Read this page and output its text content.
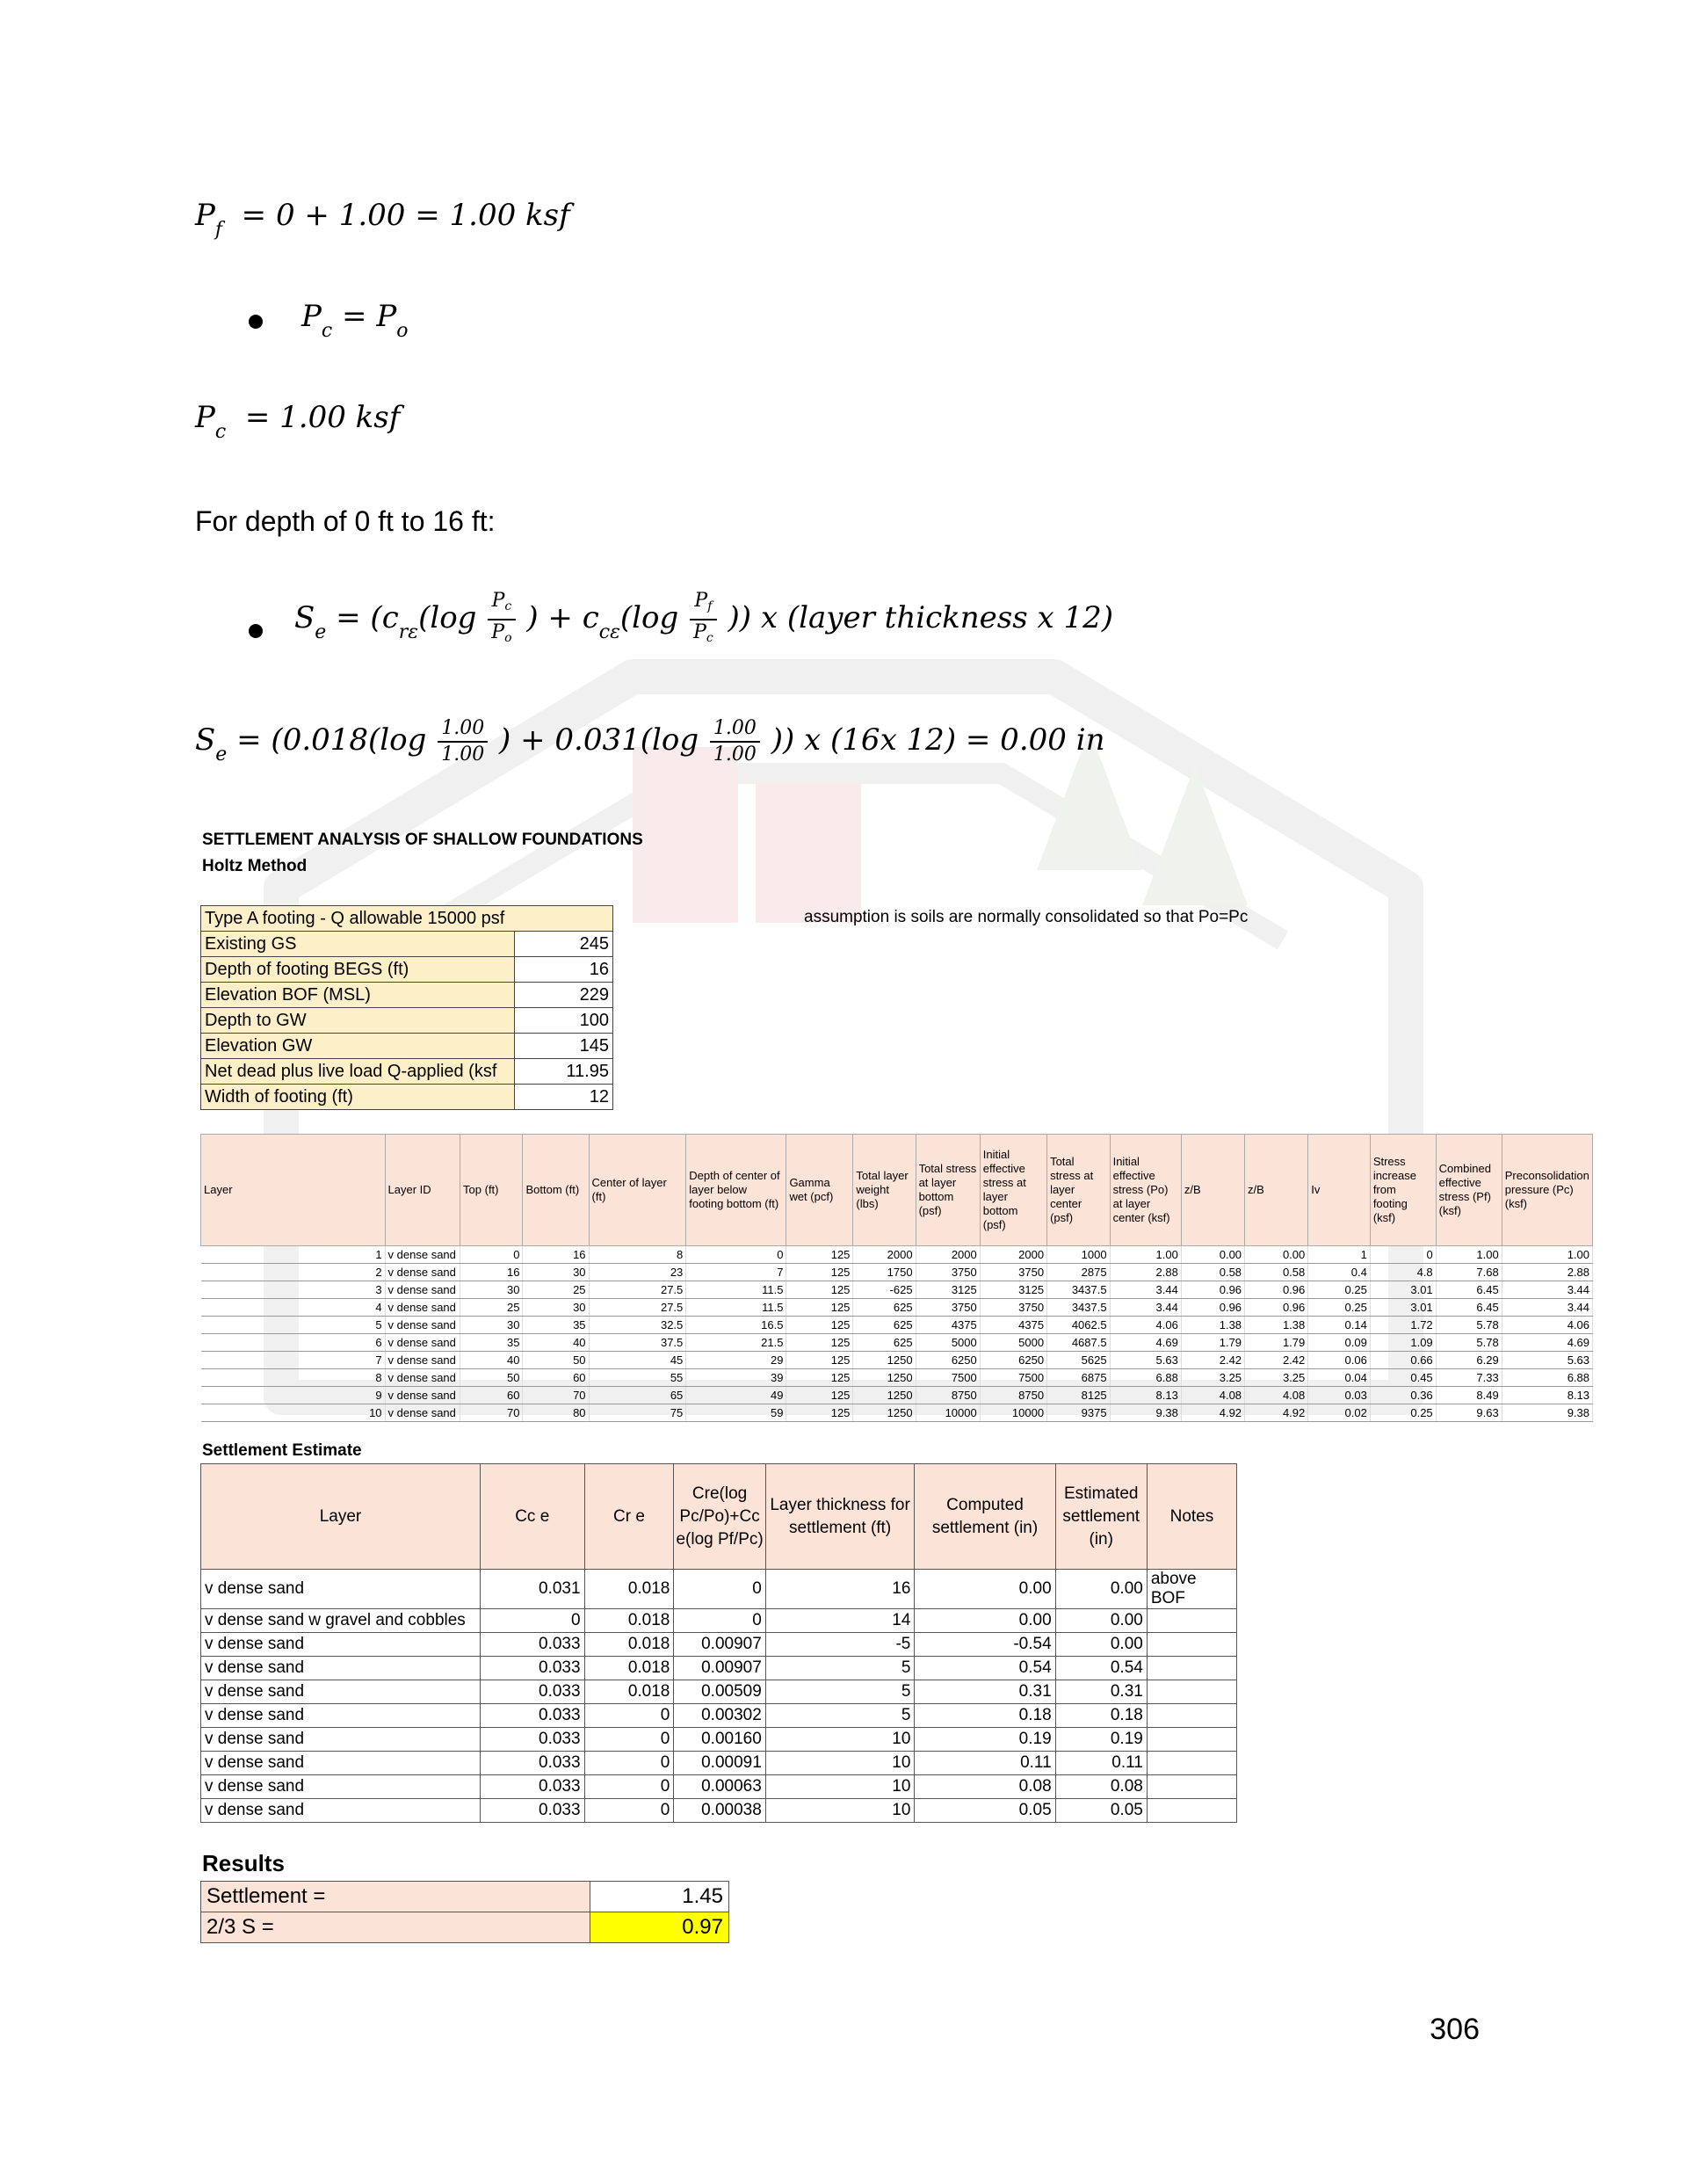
$P_f = 0 + 1.00 = 1.00$ ksf
$P_c = P_o$
$P_c = 1.00$ ksf
For depth of 0 ft to 16 ft:
$S_e = (c_{r\varepsilon}(\log \frac{P_c}{P_o}$ ) + $c_{c\varepsilon}(\log \frac{P_f}{P_c}$ )) x (layer thickness x 12)
$S_e = (0.018(\log \frac{1.00}{1.00}$ ) + $0.031(\log \frac{1.00}{1.00}$ )) x (16x 12) = 0.00 in
SETTLEMENT ANALYSIS OF SHALLOW FOUNDATIONS
Holtz Method
assumption is soils are normally consolidated so that Po=Pc
Type A footing - Q allowable 15000 psf	
Existing GS	245
Depth of footing BEGS (ft)	16
Elevation BOF (MSL)	229
Depth to GW	100
Elevation GW	145
Net dead plus live load Q-applied (ksf	11.95
Width of footing (ft)	12
Layer	Layer ID	Top (ft)	Bottom (ft)	Center of layer (ft)	Depth of center of layer below footing bottom (ft)	Gamma wet (pcf)	Total layer weight (lbs)	Total stress at layer bottom (psf)	Initial effective stress at layer bottom (psf)	Total stress at layer center (psf)	Initial effective stress (Po) at layer center (ksf)	z/B	z/B	Iv	Stress increase from footing (ksf)	Combined effective stress (Pf) (ksf)	Preconsolidation pressure (Pc) (ksf)
1	v dense sand	0	16	8	0	125	2000	2000	2000	1000	1.00	0.00	0.00	1	0	1.00	1.00
2	v dense sand	16	30	23	7	125	1750	3750	3750	2875	2.88	0.58	0.58	0.4	4.8	7.68	2.88
3	v dense sand	30	25	27.5	11.5	125	-625	3125	3125	3437.5	3.44	0.96	0.96	0.25	3.01	6.45	3.44
4	v dense sand	25	30	27.5	11.5	125	625	3750	3750	3437.5	3.44	0.96	0.96	0.25	3.01	6.45	3.44
5	v dense sand	30	35	32.5	16.5	125	625	4375	4375	4062.5	4.06	1.38	1.38	0.14	1.72	5.78	4.06
6	v dense sand	35	40	37.5	21.5	125	625	5000	5000	4687.5	4.69	1.79	1.79	0.09	1.09	5.78	4.69
7	v dense sand	40	50	45	29	125	1250	6250	6250	5625	5.63	2.42	2.42	0.06	0.66	6.29	5.63
8	v dense sand	50	60	55	39	125	1250	7500	7500	6875	6.88	3.25	3.25	0.04	0.45	7.33	6.88
9	v dense sand	60	70	65	49	125	1250	8750	8750	8125	8.13	4.08	4.08	0.03	0.36	8.49	8.13
10	v dense sand	70	80	75	59	125	1250	10000	10000	9375	9.38	4.92	4.92	0.02	0.25	9.63	9.38
Settlement Estimate
Layer	Cc e	Cr e	Cre(log Pc/Po)+Cc e(log Pf/Pc)	Layer thickness for settlement (ft)	Computed settlement (in)	Estimated settlement (in)	Notes
v dense sand	0.031	0.018	0	16	0.00	0.00	above BOF
v dense sand w gravel and cobbles	0	0.018	0	14	0.00	0.00	
v dense sand	0.033	0.018	0.00907	-5	-0.54	0.00	
v dense sand	0.033	0.018	0.00907	5	0.54	0.54	
v dense sand	0.033	0.018	0.00509	5	0.31	0.31	
v dense sand	0.033	0	0.00302	5	0.18	0.18	
v dense sand	0.033	0	0.00160	10	0.19	0.19	
v dense sand	0.033	0	0.00091	10	0.11	0.11	
v dense sand	0.033	0	0.00063	10	0.08	0.08	
v dense sand	0.033	0	0.00038	10	0.05	0.05	
Results
Settlement =	1.45
2/3 S =	0.97
306
